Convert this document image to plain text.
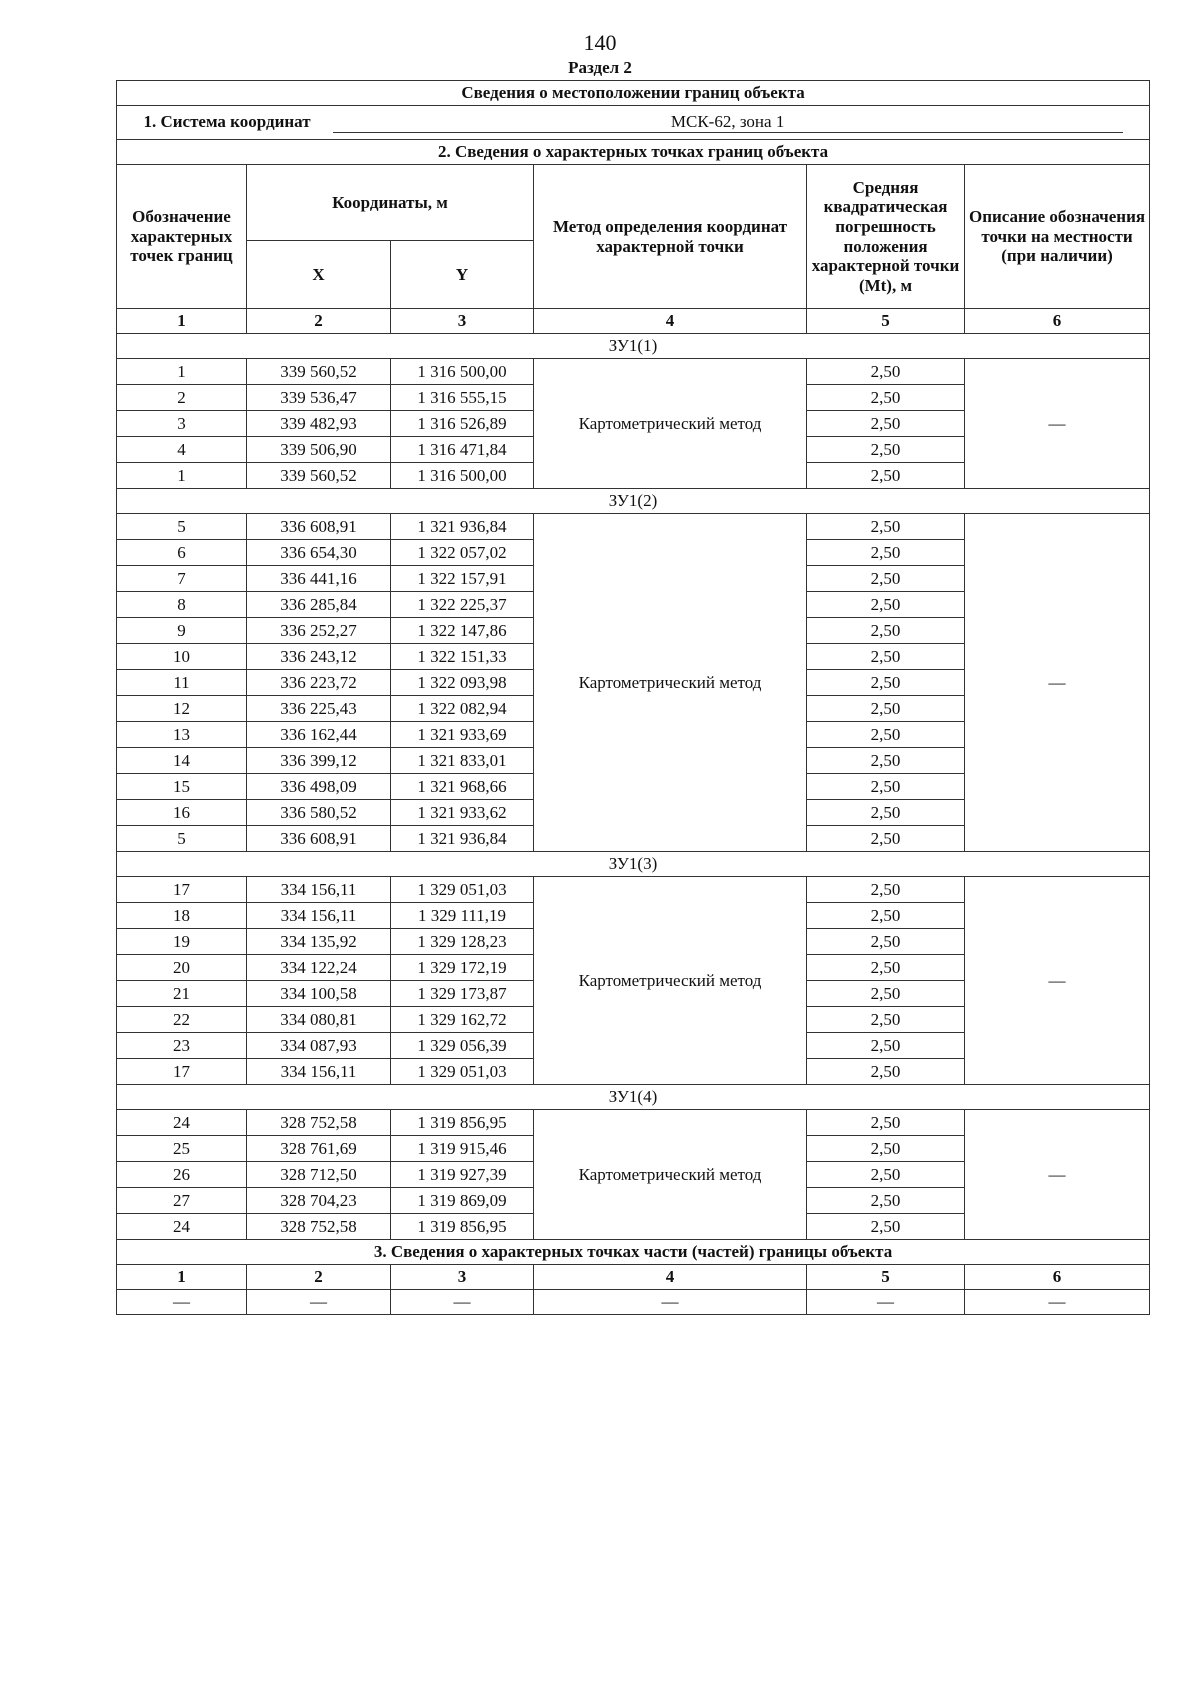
140
Раздел 2
Сведения о местоположении границ объекта					
1. Система координат МСК-62, зона 1					
2. Сведения о характерных точках границ объекта					
Обозначение характерных точек границ	Координаты, м		Метод определения координат характерной точки	Средняя квадратическая погрешность положения характерной точки (Mt), м	Описание обозначения точки на местности (при наличии)
	X	Y			
1	2	3	4	5	6
ЗУ1(1)					
1	339 560,52	1 316 500,00	Картометрический метод	2,50	—
2	339 536,47	1 316 555,15		2,50	
3	339 482,93	1 316 526,89		2,50	
4	339 506,90	1 316 471,84		2,50	
1	339 560,52	1 316 500,00		2,50	
ЗУ1(2)					
5	336 608,91	1 321 936,84	Картометрический метод	2,50	—
6	336 654,30	1 322 057,02		2,50	
7	336 441,16	1 322 157,91		2,50	
8	336 285,84	1 322 225,37		2,50	
9	336 252,27	1 322 147,86		2,50	
10	336 243,12	1 322 151,33		2,50	
11	336 223,72	1 322 093,98		2,50	
12	336 225,43	1 322 082,94		2,50	
13	336 162,44	1 321 933,69		2,50	
14	336 399,12	1 321 833,01		2,50	
15	336 498,09	1 321 968,66		2,50	
16	336 580,52	1 321 933,62		2,50	
5	336 608,91	1 321 936,84		2,50	
ЗУ1(3)					
17	334 156,11	1 329 051,03	Картометрический метод	2,50	—
18	334 156,11	1 329 111,19		2,50	
19	334 135,92	1 329 128,23		2,50	
20	334 122,24	1 329 172,19		2,50	
21	334 100,58	1 329 173,87		2,50	
22	334 080,81	1 329 162,72		2,50	
23	334 087,93	1 329 056,39		2,50	
17	334 156,11	1 329 051,03		2,50	
ЗУ1(4)					
24	328 752,58	1 319 856,95	Картометрический метод	2,50	—
25	328 761,69	1 319 915,46		2,50	
26	328 712,50	1 319 927,39		2,50	
27	328 704,23	1 319 869,09		2,50	
24	328 752,58	1 319 856,95		2,50	
3. Сведения о характерных точках части (частей) границы объекта					
1	2	3	4	5	6
—	—	—	—	—	—
